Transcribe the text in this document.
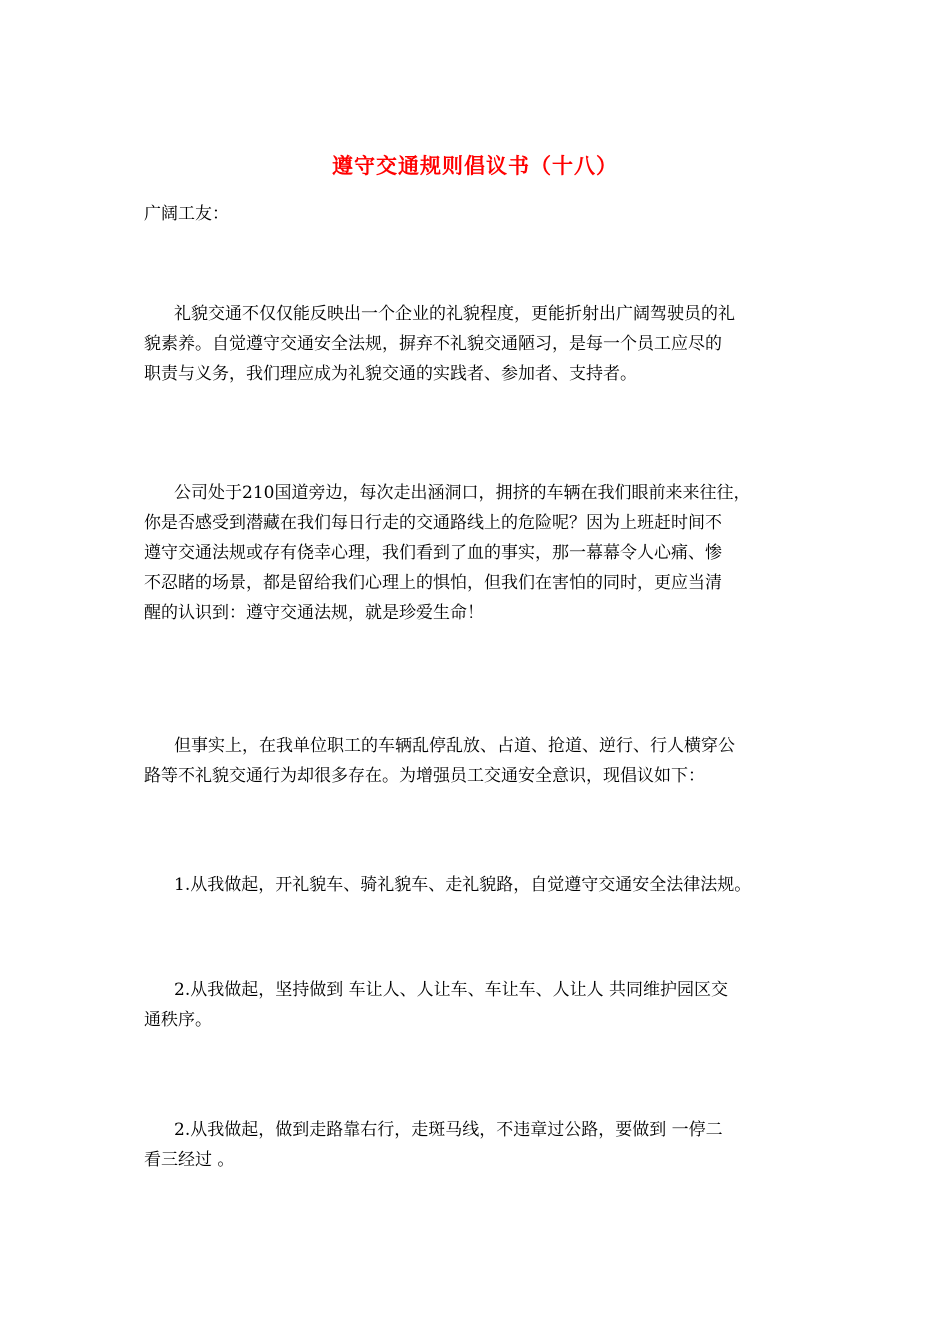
遵守交通规则倡议书（十八）
广阔工友：

礼貌交通不仅仅能反映出一个企业的礼貌程度，更能折射出广阔驾驶员的礼
貌素养。自觉遵守交通安全法规，摒弃不礼貌交通陋习，是每一个员工应尽的
职责与义务，我们理应成为礼貌交通的实践者、参加者、支持者。

公司处于210国道旁边，每次走出涵洞口，拥挤的车辆在我们眼前来来往往，
你是否感受到潜藏在我们每日行走的交通路线上的危险呢？因为上班赶时间不
遵守交通法规或存有侥幸心理，我们看到了血的事实，那一幕幕令人心痛、惨
不忍睹的场景，都是留给我们心理上的惧怕，但我们在害怕的同时，更应当清
醒的认识到：遵守交通法规，就是珍爱生命！

但事实上，在我单位职工的车辆乱停乱放、占道、抢道、逆行、行人横穿公
路等不礼貌交通行为却很多存在。为增强员工交通安全意识，现倡议如下：

1.从我做起，开礼貌车、骑礼貌车、走礼貌路，自觉遵守交通安全法律法规。

2.从我做起，坚持做到 车让人、人让车、车让车、人让人 共同维护园区交
通秩序。

2.从我做起，做到走路靠右行，走斑马线，不违章过公路，要做到 一停二
看三经过 。
